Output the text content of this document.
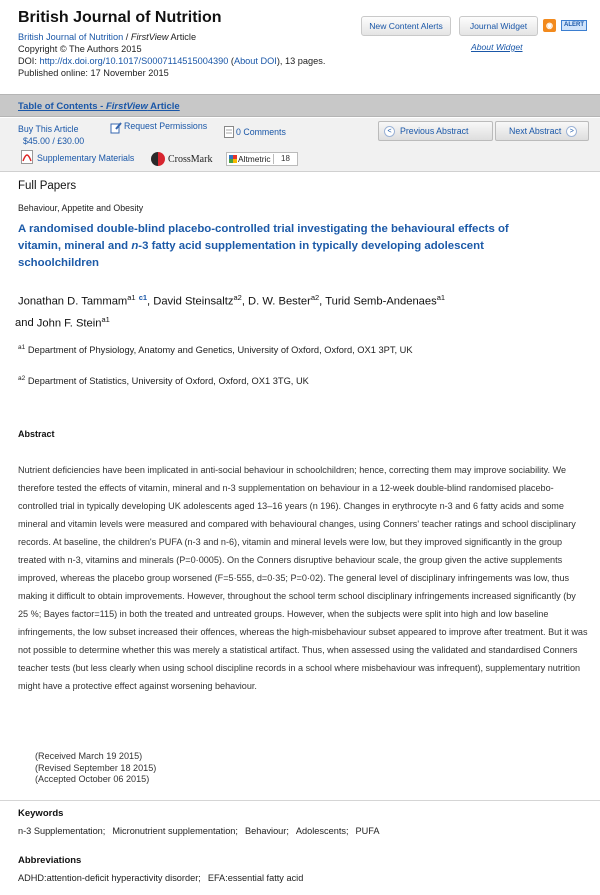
British Journal of Nutrition
British Journal of Nutrition / FirstView Article
Copyright © The Authors 2015
DOI: http://dx.doi.org/10.1017/S0007114515004390 (About DOI), 13 pages.
Published online: 17 November 2015
New Content Alerts	Journal Widget	◉	ALERT
About Widget
Table of Contents - FirstView Article
Buy This Article
$45.00 / £30.00
Request Permissions
0 Comments	< Previous Abstract	Next Abstract >
Supplementary Materials	CrossMark	Altmetric	18
Full Papers
Behaviour, Appetite and Obesity
A randomised double-blind placebo-controlled trial investigating the behavioural effects of vitamin, mineral and n-3 fatty acid supplementation in typically developing adolescent schoolchildren
Jonathan D. Tammam$^{a1}$ $^{c1}$, David Steinsaltz$^{a2}$, D. W. Bester$^{a2}$, Turid Semb-Andenaes$^{a1}$
and John F. Stein$^{a1}$
$^{a1}$ Department of Physiology, Anatomy and Genetics, University of Oxford, Oxford, OX1 3PT, UK
$^{a2}$ Department of Statistics, University of Oxford, Oxford, OX1 3TG, UK
Abstract
Nutrient deficiencies have been implicated in anti-social behaviour in schoolchildren; hence, correcting them may improve sociability. We therefore tested the effects of vitamin, mineral and n-3 supplementation on behaviour in a 12-week double-blind randomised placebo-controlled trial in typically developing UK adolescents aged 13–16 years (n 196). Changes in erythrocyte n-3 and 6 fatty acids and some mineral and vitamin levels were measured and compared with behavioural changes, using Conners' teacher ratings and school disciplinary records. At baseline, the children's PUFA (n-3 and n-6), vitamin and mineral levels were low, but they improved significantly in the group treated with n-3, vitamins and minerals (P=0·0005). On the Conners disruptive behaviour scale, the group given the active supplements improved, whereas the placebo group worsened (F=5·555, d=0·35; P=0·02). The general level of disciplinary infringements was low, thus making it difficult to obtain improvements. However, throughout the school term school disciplinary infringements increased significantly (by 25 %; Bayes factor=115) in both the treated and untreated groups. However, when the subjects were split into high and low baseline infringements, the low subset increased their offences, whereas the high-misbehaviour subset appeared to improve after treatment. But it was not possible to determine whether this was merely a statistical artifact. Thus, when assessed using the validated and standardised Conners teacher tests (but less clearly when using school discipline records in a school where misbehaviour was infrequent), supplementary nutrition might have a protective effect against worsening behaviour.
(Received March 19 2015)
(Revised September 18 2015)
(Accepted October 06 2015)
Keywords
n-3 Supplementation; Micronutrient supplementation; Behaviour; Adolescents; PUFA
Abbreviations
ADHD:attention-deficit hyperactivity disorder; EFA:essential fatty acid
